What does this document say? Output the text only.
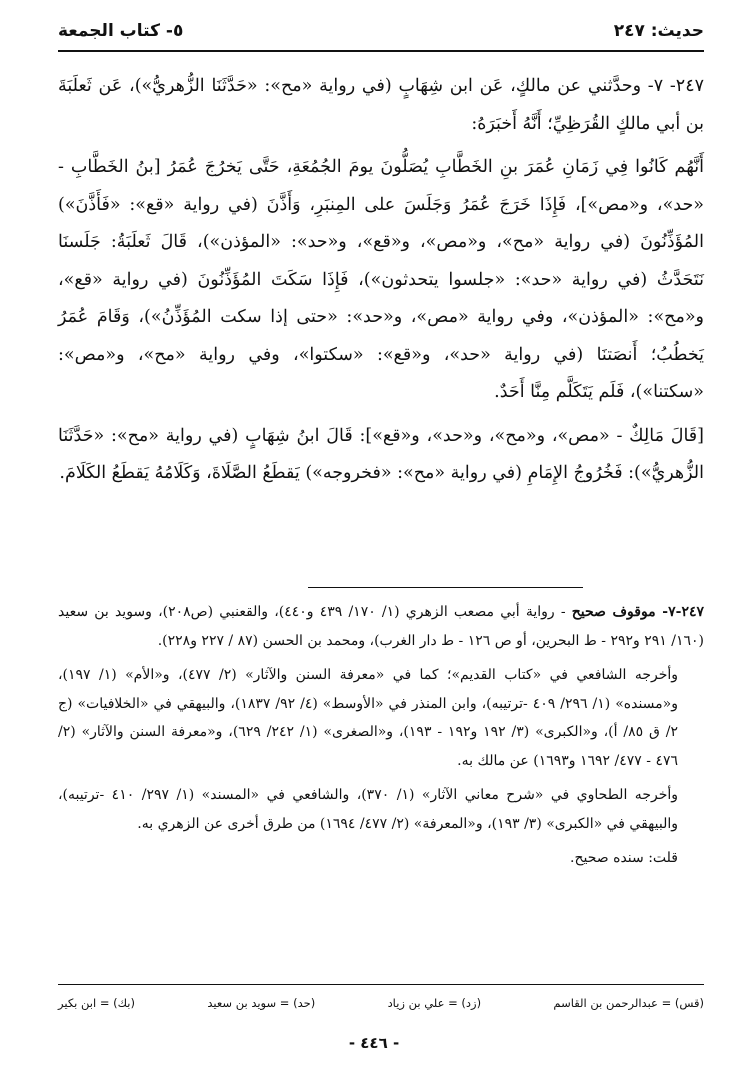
حديث: ٢٤٧
٥- كتاب الجمعة

٢٤٧- ٧- وحدَّثني عن مالكٍ، عَن ابن شِهَابٍ (في رواية «مح»: «حَدَّثَنَا الزُّهريُّ»)، عَن ثَعلَبَةَ بن أبي مالكٍ القُرَظِيِّ؛ أَنَّهُ أَخبَرَهُ:

أَنَّهُم كَانُوا فِي زَمَانِ عُمَرَ بنِ الخَطَّابِ يُصَلُّونَ يومَ الجُمُعَةِ، حَتَّى يَخرُجَ عُمَرُ [بنُ الخَطَّابِ - «حد»، و«مص»]، فَإِذَا خَرَجَ عُمَرُ وَجَلَسَ على المِنبَرِ، وَأَذَّنَ (في رواية «قع»: «فَأَذَّنَ») المُؤَذِّنُونَ (في رواية «مح»، و«مص»، و«قع»، و«حد»: «المؤذن»)، قَالَ ثَعلَبَةُ: جَلَسنَا نَتَحَدَّثُ (في رواية «حد»: «جلسوا يتحدثون»)، فَإِذَا سَكَتَ المُؤَذِّنُونَ (في رواية «قع»، و«مح»: «المؤذن»، وفي رواية «مص»، و«حد»: «حتى إذا سكت المُؤَذِّنُ»)، وَقَامَ عُمَرُ يَخطُبُ؛ أَنصَتنَا (في رواية «حد»، و«قع»: «سكتوا»، وفي رواية «مح»، و«مص»: «سكتنا»)، فَلَم يَتَكَلَّم مِنَّا أَحَدٌ.

[قَالَ مَالِكٌ - «مص»، و«مح»، و«حد»، و«قع»]: قَالَ ابنُ شِهَابٍ (في رواية «مح»: «حَدَّثَنَا الزُّهريُّ»): فَخُرُوجُ الإِمَامِ (في رواية «مح»: «فخروجه») يَقطَعُ الصَّلَاةَ، وَكَلَامُهُ يَقطَعُ الكَلَامَ.

٢٤٧-٧- موقوف صحيح - رواية أبي مصعب الزهري (١/ ١٧٠/ ٤٣٩ و٤٤٠)، والقعنبي (ص٢٠٨)، وسويد بن سعيد (١٦٠/ ٢٩١ و٢٩٢ - ط البحرين، أو ص ١٢٦ - ط دار الغرب)، ومحمد بن الحسن (٨٧ / ٢٢٧ و٢٢٨).

وأخرجه الشافعي في «كتاب القديم»؛ كما في «معرفة السنن والآثار» (٢/ ٤٧٧)، و«الأم» (١/ ١٩٧)، و«مسنده» (١/ ٢٩٦/ ٤٠٩ -ترتيبه)، وابن المنذر في «الأوسط» (٤/ ٩٢/ ١٨٣٧)، والبيهقي في «الخلافيات» (ج ٢/ ق ٨٥/ أ)، و«الكبرى» (٣/ ١٩٢ و١٩٢ - ١٩٣)، و«الصغرى» (١/ ٢٤٢/ ٦٢٩)، و«معرفة السنن والآثار» (٢/ ٤٧٦ - ٤٧٧/ ١٦٩٢ و١٦٩٣) عن مالك به.

وأخرجه الطحاوي في «شرح معاني الآثار» (١/ ٣٧٠)، والشافعي في «المسند» (١/ ٢٩٧/ ٤١٠ -ترتيبه)، والبيهقي في «الكبرى» (٣/ ١٩٣)، و«المعرفة» (٢/ ٤٧٧/ ١٦٩٤) من طرق أخرى عن الزهري به.

قلت: سنده صحيح.

(قس) = عبدالرحمن بن القاسم
(زد) = علي بن زياد
(حد) = سويد بن سعيد
(بك) = ابن بكير
- ٤٤٦ -
